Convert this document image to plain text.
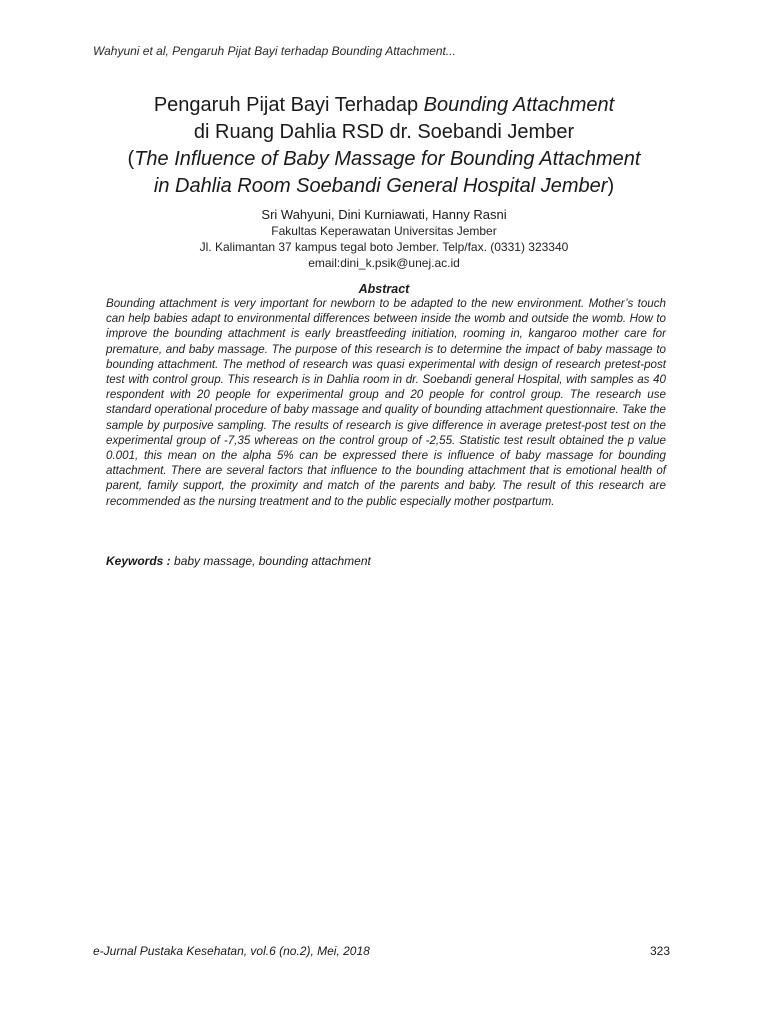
Wahyuni et al, Pengaruh Pijat Bayi terhadap Bounding Attachment...
Pengaruh Pijat Bayi Terhadap Bounding Attachment
di Ruang Dahlia RSD dr. Soebandi Jember
(The Influence of Baby Massage for Bounding Attachment
in Dahlia Room Soebandi General Hospital Jember)
Sri Wahyuni, Dini Kurniawati, Hanny Rasni
Fakultas Keperawatan Universitas Jember
Jl. Kalimantan 37 kampus tegal boto Jember. Telp/fax. (0331) 323340
email:dini_k.psik@unej.ac.id
Abstract
Bounding attachment is very important for newborn to be adapted to the new environment. Mother’s touch can help babies adapt to environmental differences between inside the womb and outside the womb. How to improve the bounding attachment is early breastfeeding initiation, rooming in, kangaroo mother care for premature, and baby massage. The purpose of this research is to determine the impact of baby massage to bounding attachment. The method of research was quasi experimental with design of research pretest-post test with control group. This research is in Dahlia room in dr. Soebandi general Hospital, with samples as 40 respondent with 20 people for experimental group and 20 people for control group. The research use standard operational procedure of baby massage and quality of bounding attachment questionnaire. Take the sample by purposive sampling. The results of research is give difference in average pretest-post test on the experimental group of -7,35 whereas on the control group of -2,55. Statistic test result obtained the p value 0.001, this mean on the alpha 5% can be expressed there is influence of baby massage for bounding attachment. There are several factors that influence to the bounding attachment that is emotional health of parent, family support, the proximity and match of the parents and baby. The result of this research are recommended as the nursing treatment and to the public especially mother postpartum.
Keywords : baby massage, bounding attachment
e-Jurnal Pustaka Kesehatan, vol.6 (no.2), Mei, 2018	323
